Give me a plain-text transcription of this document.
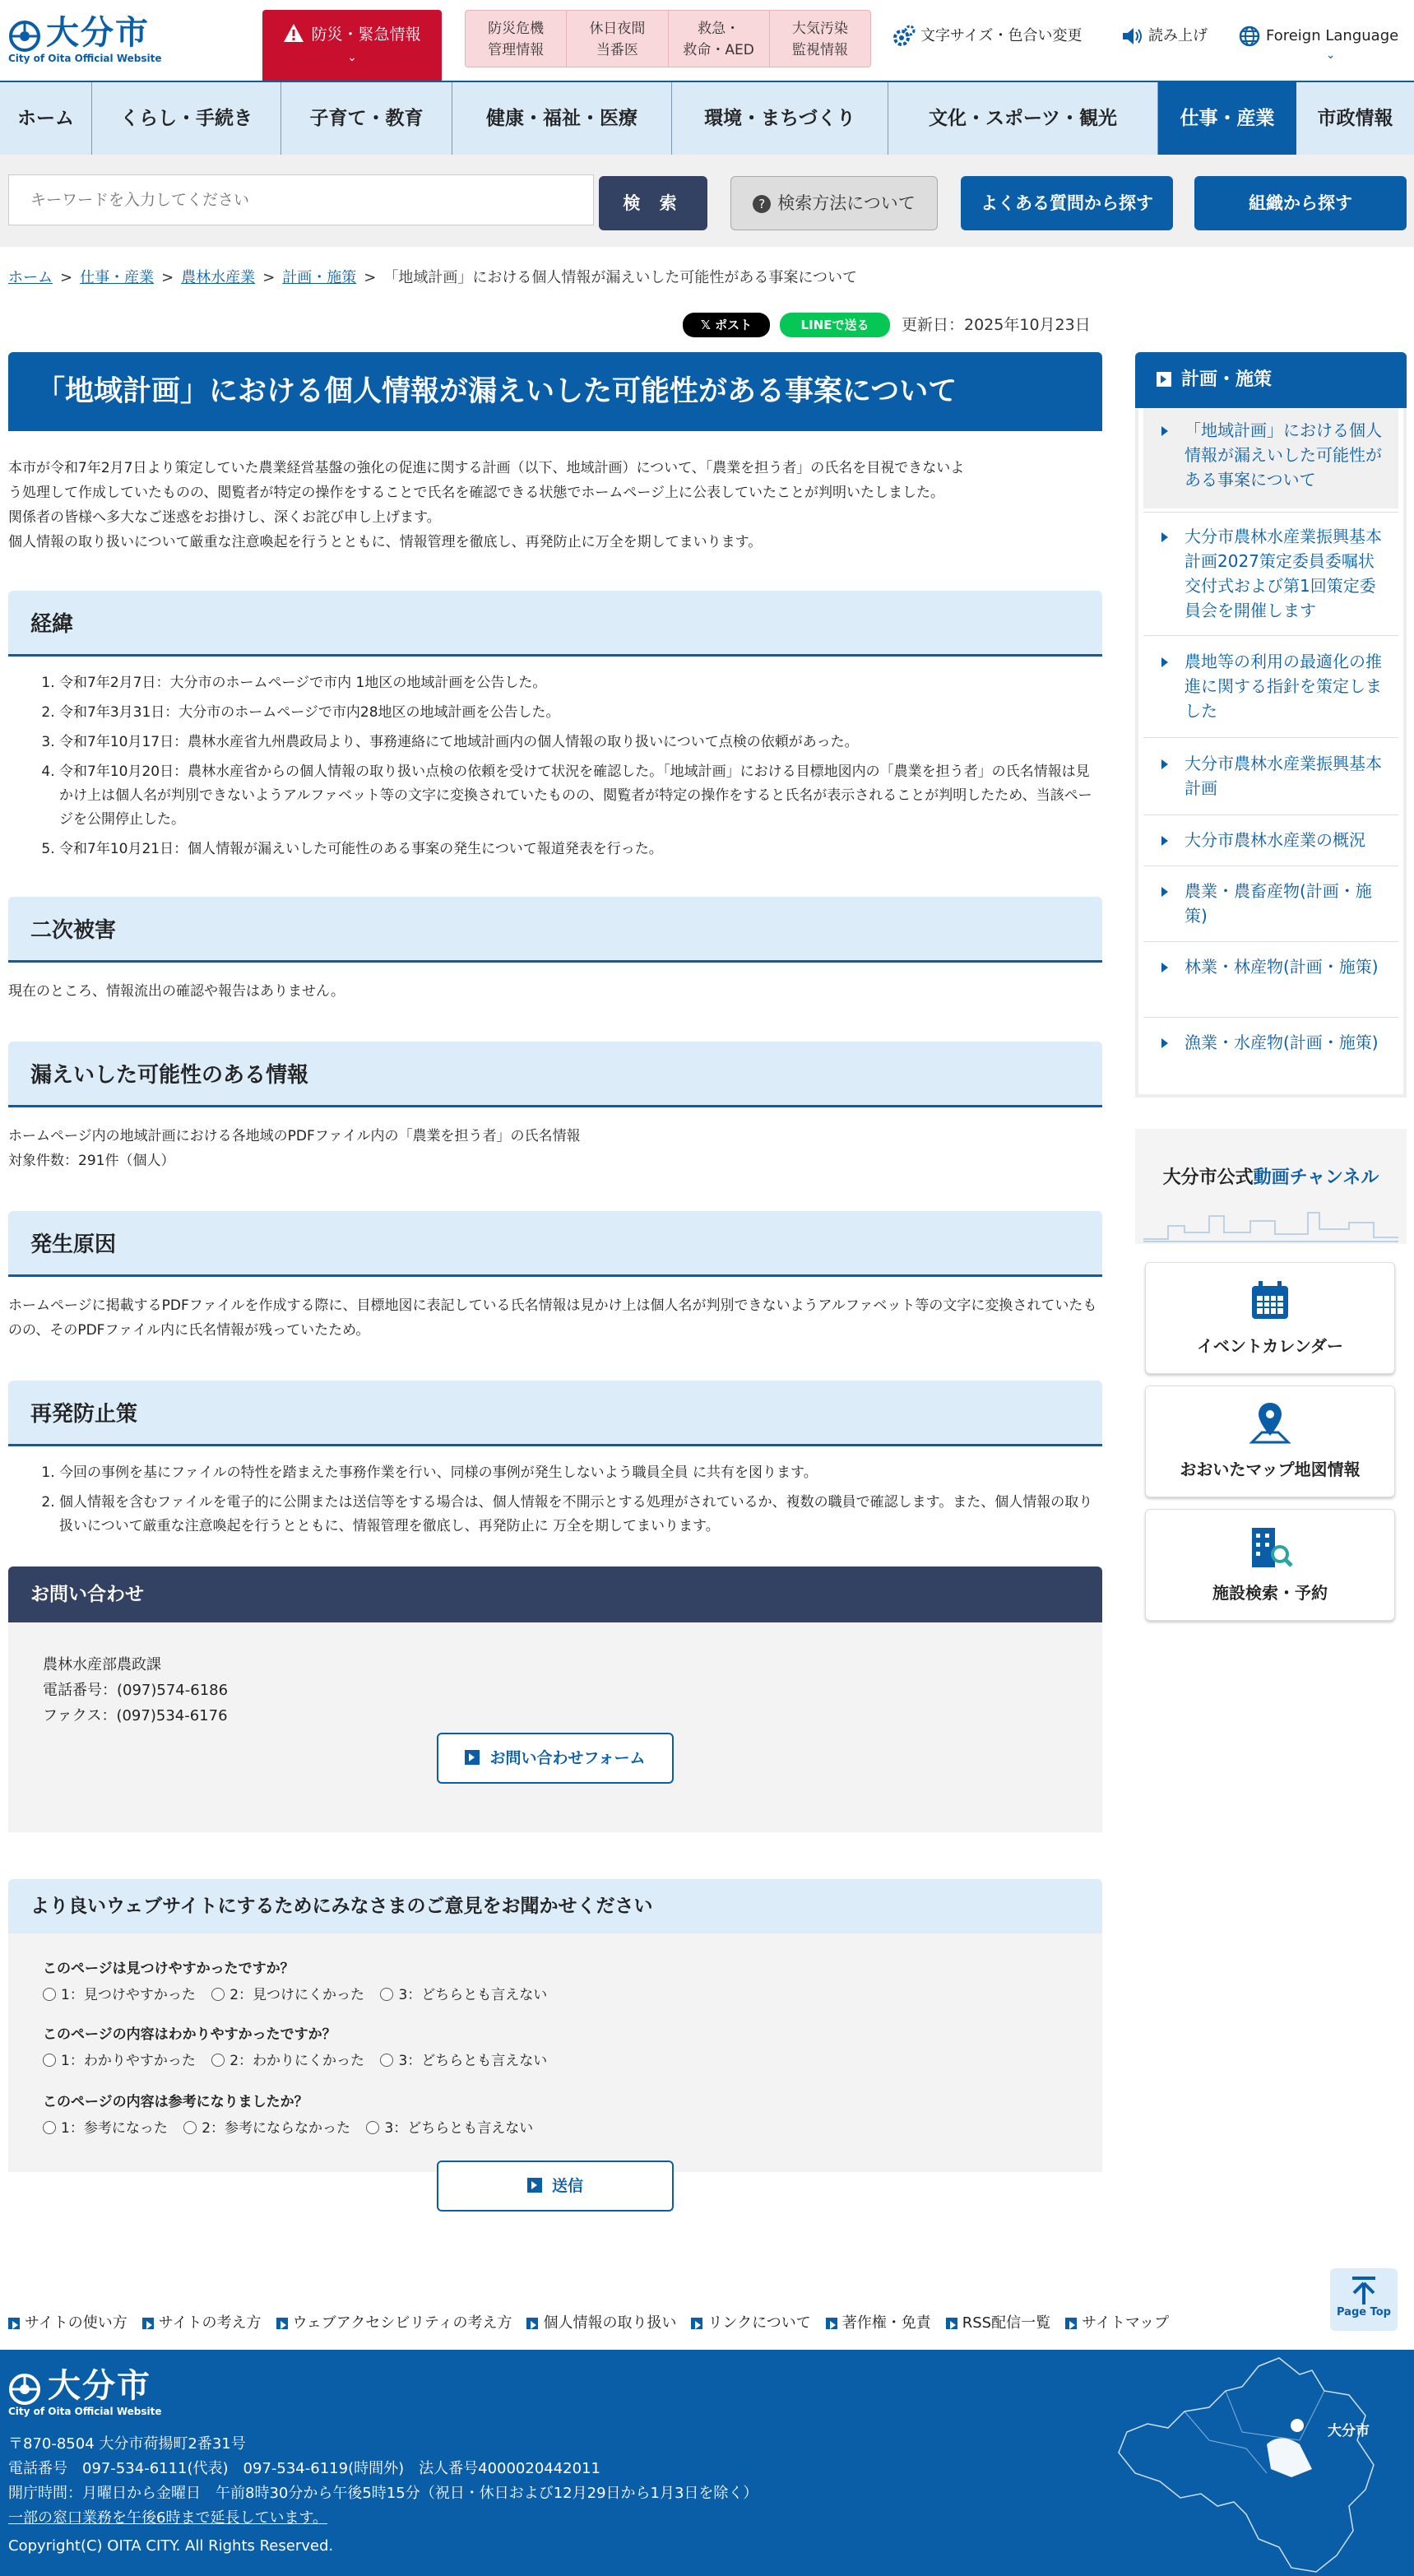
大分市
City of Oita Official Website
防災・緊急情報
⌄
防災危機
管理情報
休日夜間
当番医
救急・
救命・AED
大気汚染
監視情報
文字サイズ・色合い変更	読み上げ	Foreign Language
⌄
ホーム	くらし・手続き	子育て・教育	健康・福祉・医療	環境・まちづくり	文化・スポーツ・観光	仕事・産業	市政情報
キーワードを入力してください
検 索	? 検索方法について	よくある質問から探す	組織から探す
ホーム > 仕事・産業 > 農林水産業 > 計画・施策 > 「地域計画」における個人情報が漏えいした可能性がある事案について
𝕏 ポスト	LINEで送る	更新日：2025年10月23日
「地域計画」における個人情報が漏えいした可能性がある事案について
本市が令和7年2月7日より策定していた農業経営基盤の強化の促進に関する計画（以下、地域計画）について、「農業を担う者」の氏名を目視できないよ
う処理して作成していたものの、閲覧者が特定の操作をすることで氏名を確認できる状態でホームページ上に公表していたことが判明いたしました。
関係者の皆様へ多大なご迷惑をお掛けし、深くお詫び申し上げます。
個人情報の取り扱いについて厳重な注意喚起を行うとともに、情報管理を徹底し、再発防止に万全を期してまいります。
経緯
1. 令和7年2月7日：大分市のホームページで市内 1地区の地域計画を公告した。
2. 令和7年3月31日：大分市のホームページで市内28地区の地域計画を公告した。
3. 令和7年10月17日：農林水産省九州農政局より、事務連絡にて地域計画内の個人情報の取り扱いについて点検の依頼があった。
4. 令和7年10月20日：農林水産省からの個人情報の取り扱い点検の依頼を受けて状況を確認した。「地域計画」における目標地図内の「農業を担う者」の氏名情報は見かけ上は個人名が判別できないようアルファベット等の文字に変換されていたものの、閲覧者が特定の操作をすると氏名が表示されることが判明したため、当該ページを公開停止した。
5. 令和7年10月21日：個人情報が漏えいした可能性のある事案の発生について報道発表を行った。
二次被害
現在のところ、情報流出の確認や報告はありません。
漏えいした可能性のある情報
ホームページ内の地域計画における各地域のPDFファイル内の「農業を担う者」の氏名情報
対象件数：291件（個人）
発生原因
ホームページに掲載するPDFファイルを作成する際に、目標地図に表記している氏名情報は見かけ上は個人名が判別できないようアルファベット等の文字に変換されていたものの、そのPDFファイル内に氏名情報が残っていたため。
再発防止策
1. 今回の事例を基にファイルの特性を踏まえた事務作業を行い、同様の事例が発生しないよう職員全員 に共有を図ります。
2. 個人情報を含むファイルを電子的に公開または送信等をする場合は、個人情報を不開示とする処理がされているか、複数の職員で確認します。また、個人情報の取り扱いについて厳重な注意喚起を行うとともに、情報管理を徹底し、再発防止に 万全を期してまいります。
お問い合わせ
農林水産部農政課
電話番号：(097)574-6186
ファクス：(097)534-6176
お問い合わせフォーム
より良いウェブサイトにするためにみなさまのご意見をお聞かせください
このページは見つけやすかったですか？
1：見つけやすかった 2：見つけにくかった 3：どちらとも言えない
このページの内容はわかりやすかったですか？
1：わかりやすかった 2：わかりにくかった 3：どちらとも言えない
このページの内容は参考になりましたか？
1：参考になった 2：参考にならなかった 3：どちらとも言えない
送信
計画・施策
「地域計画」における個人情報が漏えいした可能性がある事案について
大分市農林水産業振興基本計画2027策定委員委嘱状交付式および第1回策定委員会を開催します
農地等の利用の最適化の推進に関する指針を策定しました
大分市農林水産業振興基本計画
大分市農林水産業の概況
農業・農畜産物(計画・施策)
林業・林産物(計画・施策)
漁業・水産物(計画・施策)
大分市公式動画チャンネル
イベントカレンダー
おおいたマップ地図情報
施設検索・予約
Page Top
サイトの使い方 サイトの考え方 ウェブアクセシビリティの考え方 個人情報の取り扱い リンクについて 著作権・免責 RSS配信一覧 サイトマップ
大分市
City of Oita Official Website
〒870-8504 大分市荷揚町2番31号
電話番号　097-534-6111(代表)　097-534-6119(時間外)　法人番号4000020442011
開庁時間：月曜日から金曜日　午前8時30分から午後5時15分（祝日・休日および12月29日から1月3日を除く）
一部の窓口業務を午後6時まで延長しています。
Copyright(C) OITA CITY. All Rights Reserved.
大分市
